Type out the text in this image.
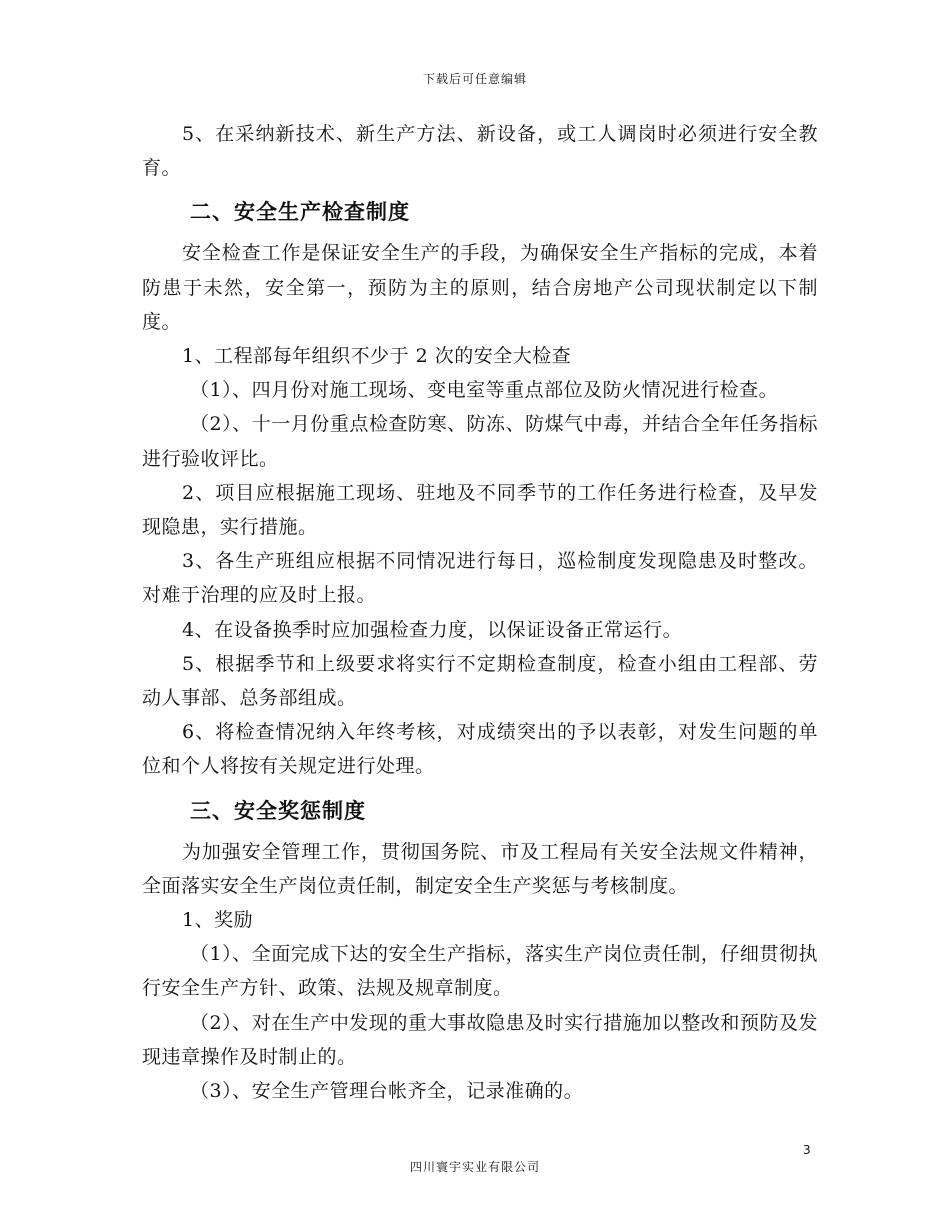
下载后可任意编辑

5、在采纳新技术、新生产方法、新设备，或工人调岗时必须进行安全教育。

二、安全生产检查制度

安全检查工作是保证安全生产的手段，为确保安全生产指标的完成，本着防患于未然，安全第一，预防为主的原则，结合房地产公司现状制定以下制度。

1、工程部每年组织不少于 2 次的安全大检查

（1）、四月份对施工现场、变电室等重点部位及防火情况进行检查。

（2）、十一月份重点检查防寒、防冻、防煤气中毒，并结合全年任务指标进行验收评比。

2、项目应根据施工现场、驻地及不同季节的工作任务进行检查，及早发现隐患，实行措施。

3、各生产班组应根据不同情况进行每日，巡检制度发现隐患及时整改。对难于治理的应及时上报。

4、在设备换季时应加强检查力度，以保证设备正常运行。

5、根据季节和上级要求将实行不定期检查制度，检查小组由工程部、劳动人事部、总务部组成。

6、将检查情况纳入年终考核，对成绩突出的予以表彰，对发生问题的单位和个人将按有关规定进行处理。

三、安全奖惩制度

为加强安全管理工作，贯彻国务院、市及工程局有关安全法规文件精神，全面落实安全生产岗位责任制，制定安全生产奖惩与考核制度。

1、奖励

（1）、全面完成下达的安全生产指标，落实生产岗位责任制，仔细贯彻执行安全生产方针、政策、法规及规章制度。

（2）、对在生产中发现的重大事故隐患及时实行措施加以整改和预防及发现违章操作及时制止的。

（3）、安全生产管理台帐齐全，记录准确的。

3
四川寰宇实业有限公司
